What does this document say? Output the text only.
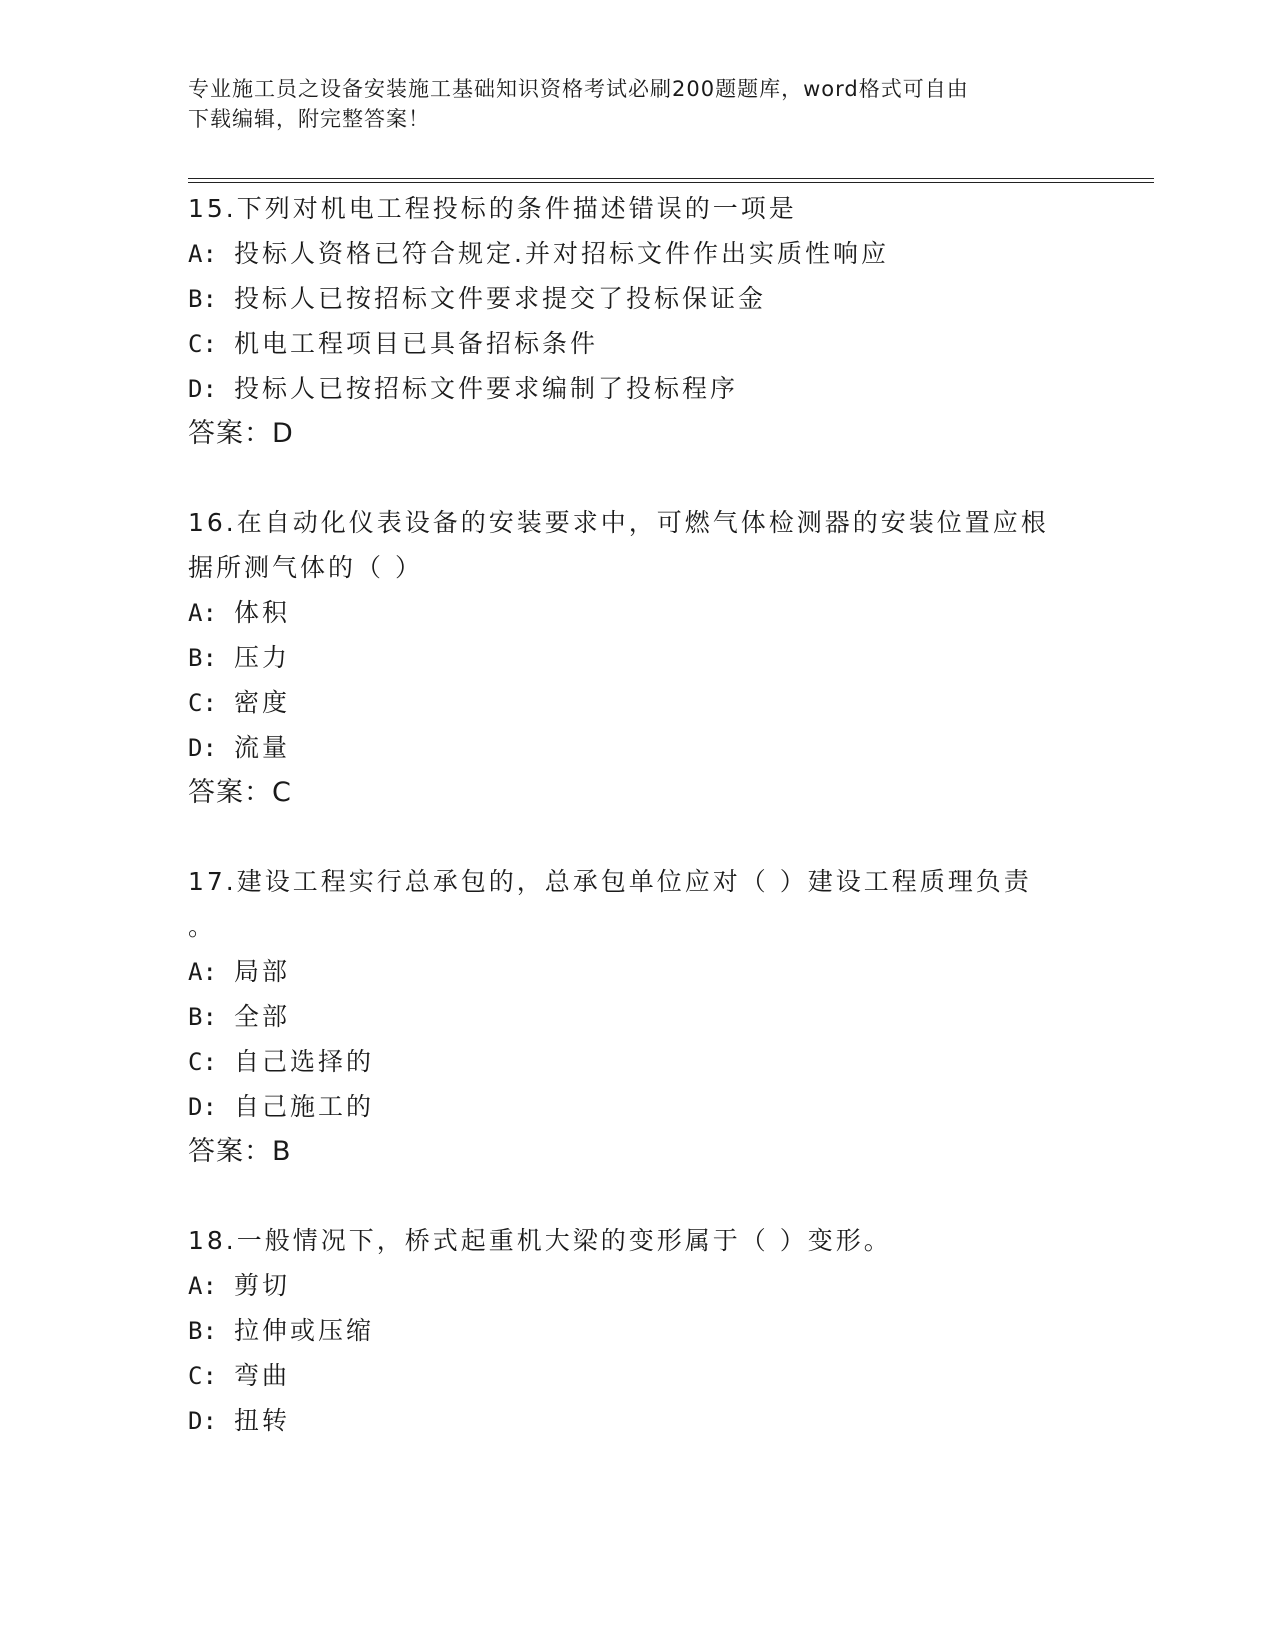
专业施工员之设备安装施工基础知识资格考试必刷200题题库，word格式可自由
下载编辑，附完整答案！
15.下列对机电工程投标的条件描述错误的一项是
A: 投标人资格已符合规定.并对招标文件作出实质性响应
B: 投标人已按招标文件要求提交了投标保证金
C: 机电工程项目已具备招标条件
D: 投标人已按招标文件要求编制了投标程序
答案：D
16.在自动化仪表设备的安装要求中，可燃气体检测器的安装位置应根
据所测气体的（ ）
A: 体积
B: 压力
C: 密度
D: 流量
答案：C
17.建设工程实行总承包的，总承包单位应对（ ）建设工程质理负责
。
A: 局部
B: 全部
C: 自己选择的
D: 自己施工的
答案：B
18.一般情况下，桥式起重机大梁的变形属于（ ）变形。
A: 剪切
B: 拉伸或压缩
C: 弯曲
D: 扭转
